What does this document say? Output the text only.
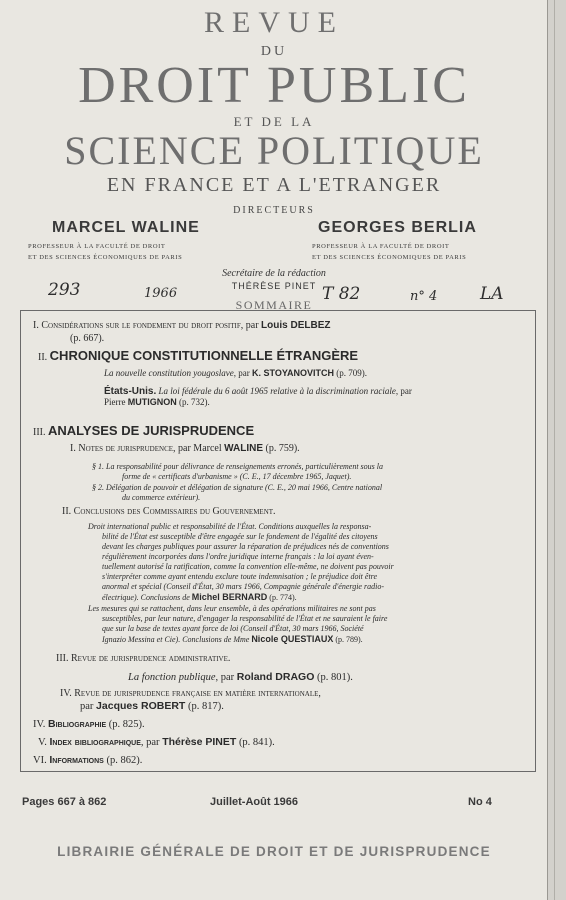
REVUE
DU
DROIT PUBLIC
ET DE LA
SCIENCE POLITIQUE
EN FRANCE ET A L'ETRANGER
DIRECTEURS
MARCEL WALINE	GEORGES BERLIA
PROFESSEUR À LA FACULTÉ DE DROIT
ET DES SCIENCES ÉCONOMIQUES DE PARIS
PROFESSEUR À LA FACULTÉ DE DROIT
ET DES SCIENCES ÉCONOMIQUES DE PARIS
Secrétaire de la rédaction
THÉRÈSE PINET
293	1966	T 82	n° 4	LA
SOMMAIRE
I. Considérations sur le fondement du droit positif, par Louis DELBEZ
(p. 667).
II. CHRONIQUE CONSTITUTIONNELLE ÉTRANGÈRE
La nouvelle constitution yougoslave, par K. STOYANOVITCH (p. 709).
États-Unis. La loi fédérale du 6 août 1965 relative à la discrimination raciale, par
Pierre MUTIGNON (p. 732).
III. ANALYSES DE JURISPRUDENCE
I. Notes de jurisprudence, par Marcel WALINE (p. 759).
§ 1. La responsabilité pour délivrance de renseignements erronés, particulièrement sous la
forme de « certificats d'urbanisme » (C. E., 17 décembre 1965, Jaquet).
§ 2. Délégation de pouvoir et délégation de signature (C. E., 20 mai 1966, Centre national
du commerce extérieur).
II. Conclusions des Commissaires du Gouvernement.
Droit international public et responsabilité de l'État. Conditions auxquelles la responsa-
bilité de l'État est susceptible d'être engagée sur le fondement de l'égalité des citoyens
devant les charges publiques pour assurer la réparation de préjudices nés de conventions
régulièrement incorporées dans l'ordre juridique interne français : la loi ayant éven-
tuellement autorisé la ratification, comme la convention elle-même, ne doivent pas pouvoir
s'interpréter comme ayant entendu exclure toute indemnisation ; le préjudice doit être
anormal et spécial (Conseil d'État, 30 mars 1966, Compagnie générale d'énergie radio-
électrique). Conclusions de Michel BERNARD (p. 774).
Les mesures qui se rattachent, dans leur ensemble, à des opérations militaires ne sont pas
susceptibles, par leur nature, d'engager la responsabilité de l'État et ne sauraient le faire
que sur la base de textes ayant force de loi (Conseil d'État, 30 mars 1966, Société
Ignazio Messina et Cie). Conclusions de Mme Nicole QUESTIAUX (p. 789).
III. Revue de jurisprudence administrative.
La fonction publique, par Roland DRAGO (p. 801).
IV. Revue de jurisprudence française en matière internationale,
par Jacques ROBERT (p. 817).
IV. Bibliographie (p. 825).
V. Index bibliographique, par Thérèse PINET (p. 841).
VI. Informations (p. 862).
Pages 667 à 862	Juillet-Août 1966	No 4
LIBRAIRIE GÉNÉRALE DE DROIT ET DE JURISPRUDENCE
